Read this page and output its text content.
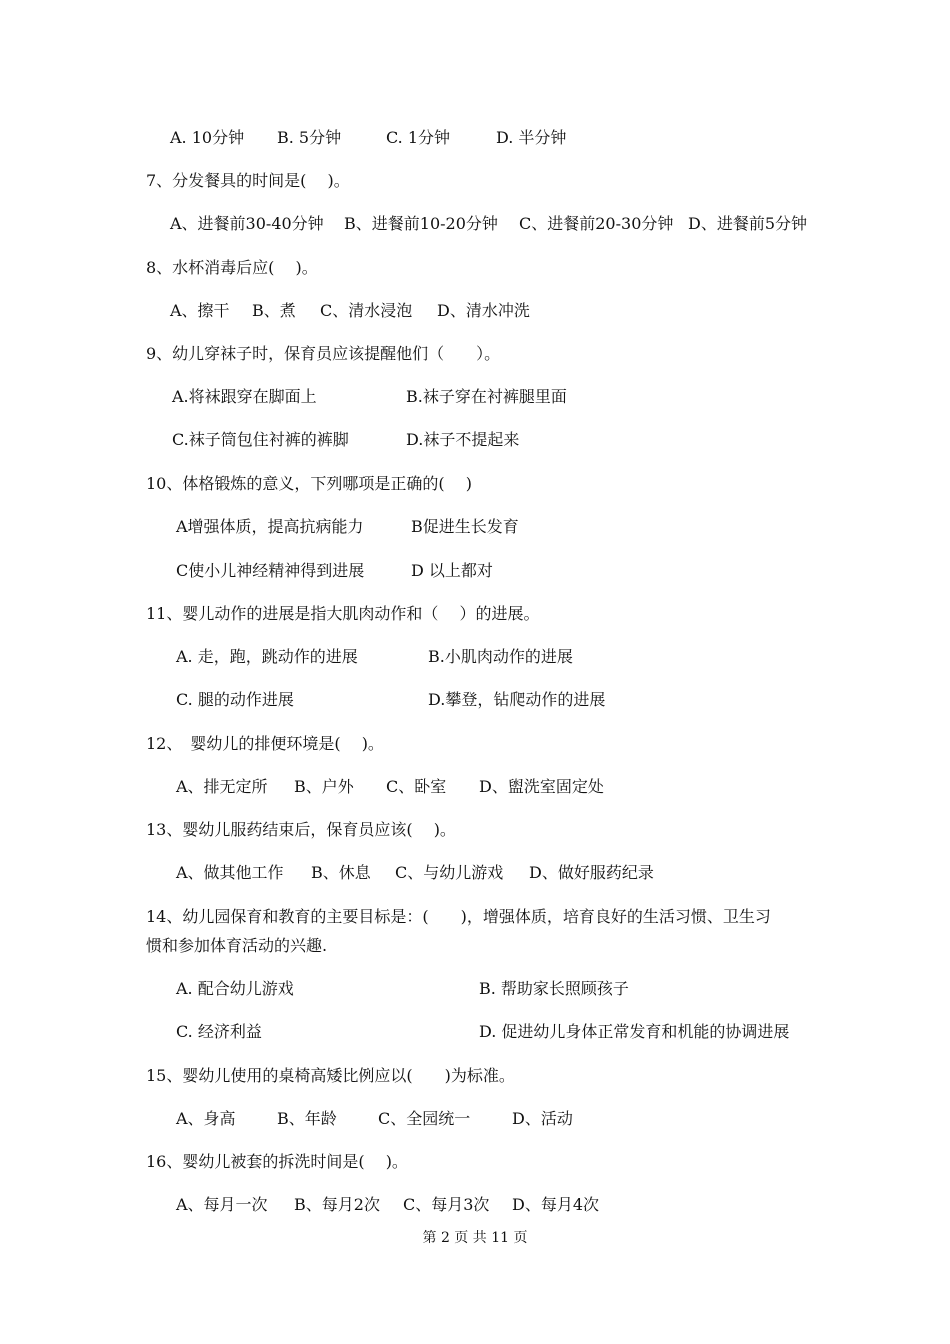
A. 10分钟 B. 5分钟	C. 1分钟	D. 半分钟
7、分发餐具的时间是(　 )。
A、进餐前30-40分钟 B、进餐前10-20分钟 C、进餐前20-30分钟 D、进餐前5分钟
8、水杯消毒后应(　 )。
A、擦干 B、煮 C、清水浸泡 D、清水冲洗
9、幼儿穿袜子时，保育员应该提醒他们（　　）。
A.将袜跟穿在脚面上	B.袜子穿在衬裤腿里面
C.袜子筒包住衬裤的裤脚	D.袜子不提起来
10、体格锻炼的意义，下列哪项是正确的(　 )
A增强体质，提高抗病能力	B促进生长发育
C使小儿神经精神得到进展	D 以上都对
11、婴儿动作的进展是指大肌肉动作和（　 ）的进展。
A. 走，跑，跳动作的进展	B.小肌肉动作的进展
C. 腿的动作进展	D.攀登，钻爬动作的进展
12、　婴幼儿的排便环境是(　 )。
A、排无定所 B、户外 C、卧室 D、盥洗室固定处
13、婴幼儿服药结束后，保育员应该(　 )。
A、做其他工作 B、休息 C、与幼儿游戏 D、做好服药纪录
14、幼儿园保育和教育的主要目标是：(　　)，增强体质，培育良好的生活习惯、卫生习
惯和参加体育活动的兴趣.
A. 配合幼儿游戏	B. 帮助家长照顾孩子
C. 经济利益	D. 促进幼儿身体正常发育和机能的协调进展
15、婴幼儿使用的桌椅高矮比例应以(　　)为标准。
A、身高	B、年龄	C、全园统一	D、活动
16、婴幼儿被套的拆洗时间是(　 )。
A、每月一次 B、每月2次 C、每月3次 D、每月4次
第 2 页 共 11 页
